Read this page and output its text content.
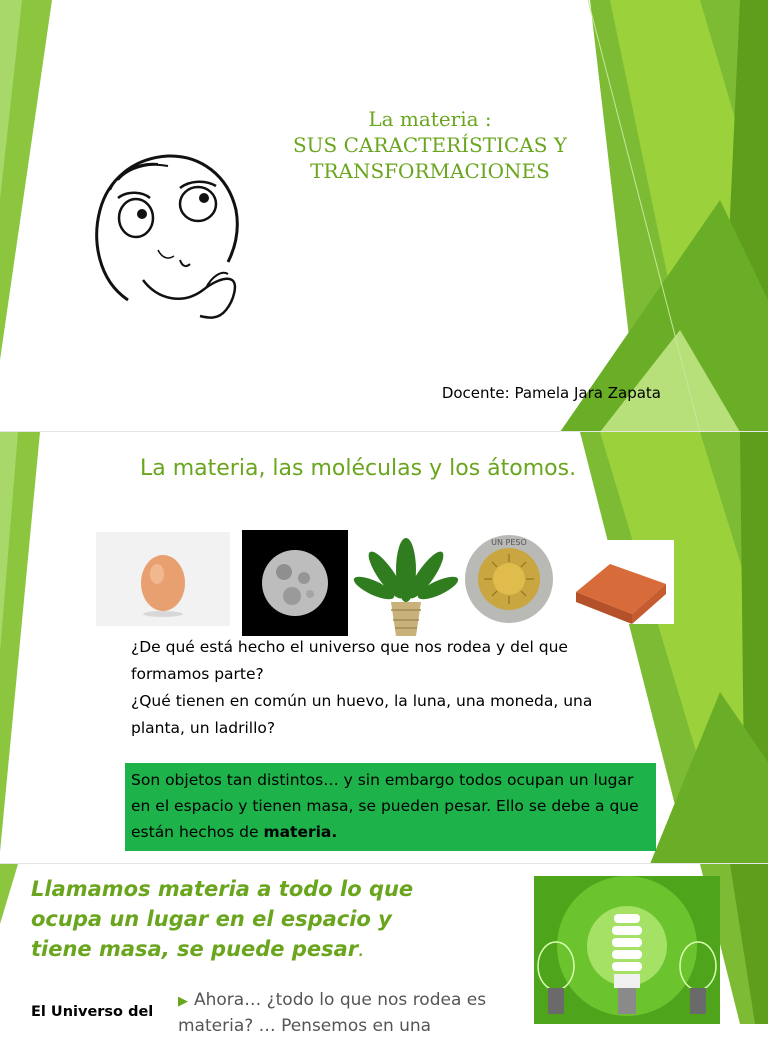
La materia :
SUS CARACTERÍSTICAS Y
TRANSFORMACIONES
Docente: Pamela Jara Zapata
La materia, las moléculas y los átomos.
UN PESO

¿De qué está hecho el universo que nos rodea y del que formamos parte?

¿Qué tienen en común un huevo, la luna, una moneda, una planta, un ladrillo?

Son objetos tan distintos… y sin embargo todos ocupan un lugar en el espacio y tienen masa, se pueden pesar. Ello se debe a que están hechos de materia.
Llamamos materia a todo lo que ocupa un lugar en el espacio y tiene masa, se puede pesar.
El Universo del
▶ Ahora… ¿todo lo que nos rodea es materia? … Pensemos en una
